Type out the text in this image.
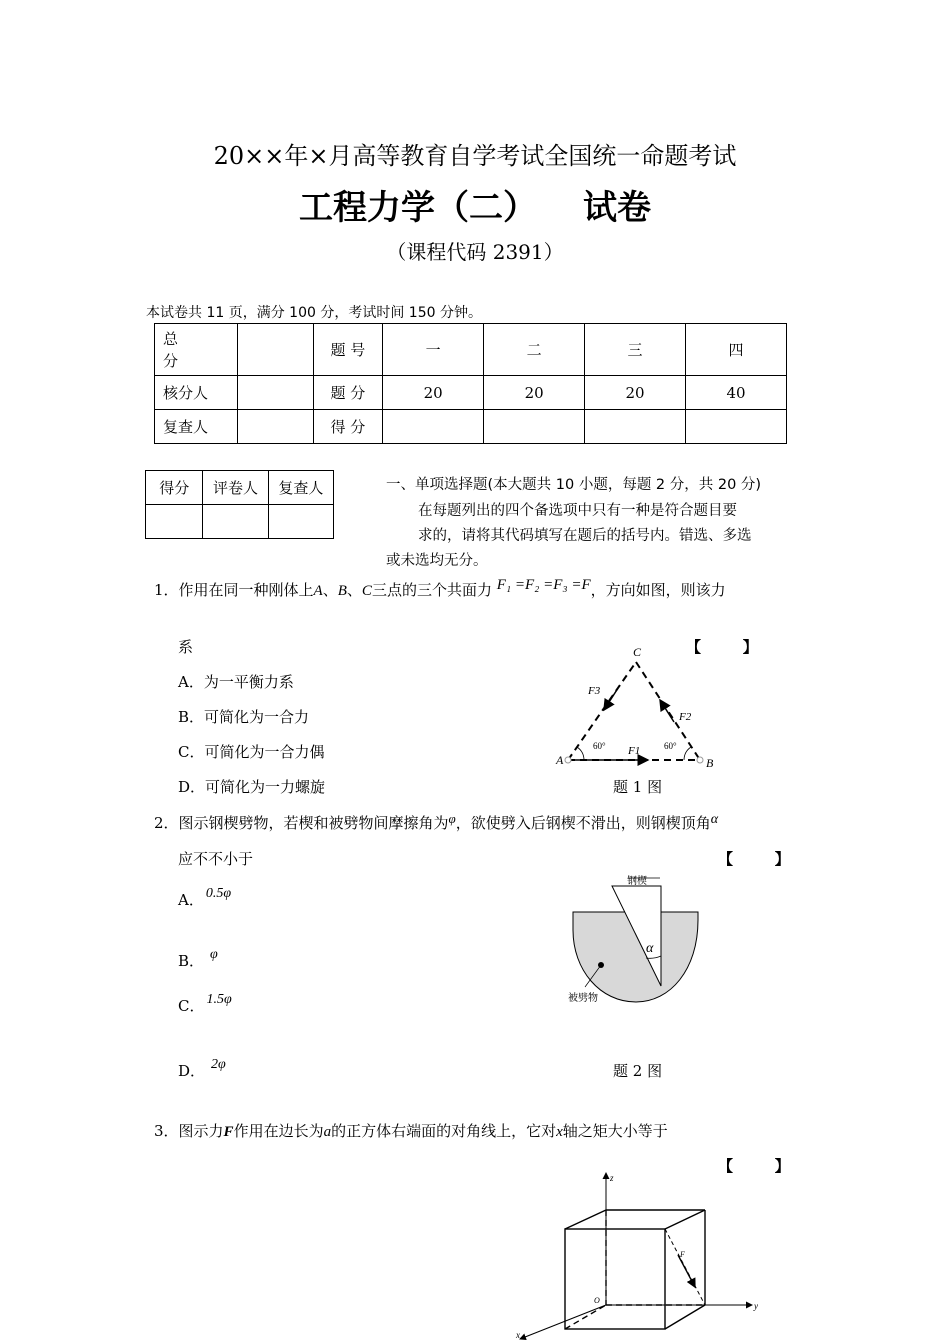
20××年×月高等教育自学考试全国统一命题考试
工程力学（二） 试卷
（课程代码 2391）
本试卷共 11 页，满分 100 分，考试时间 150 分钟。
总
分		题 号	一	二	三	四
核分人		题 分	20	20	20	40
复查人		得 分				
得分	评卷人	复查人
			一、单项选择题(本大题共 10 小题，每题 2 分，共 20 分)
在每题列出的四个备选项中只有一种是符合题目要
求的，请将其代码填写在题后的括号内。错选、多选
或未选均无分。
1．作用在同一种刚体上A、B、C三点的三个共面力 F₁ =F₂ =F₃ =F，方向如图，则该力
系	【        】
A．为一平衡力系
B．可简化为一合力
C．可简化为一合力偶
D．可简化为一力螺旋
A	B
C
F1
F2
F3
60°	60°
题 1 图
2．图示钢楔劈物，若楔和被劈物间摩擦角为φ，欲使劈入后钢楔不滑出，则钢楔顶角α
应不不小于	【        】
A． 0.5φ
B． φ
C． 1.5φ
D． 2φ
钢楔
α
被劈物
题 2 图
3．图示力F作用在边长为a的正方体右端面的对角线上，它对x轴之矩大小等于
【        】
z
y
x
O
F
